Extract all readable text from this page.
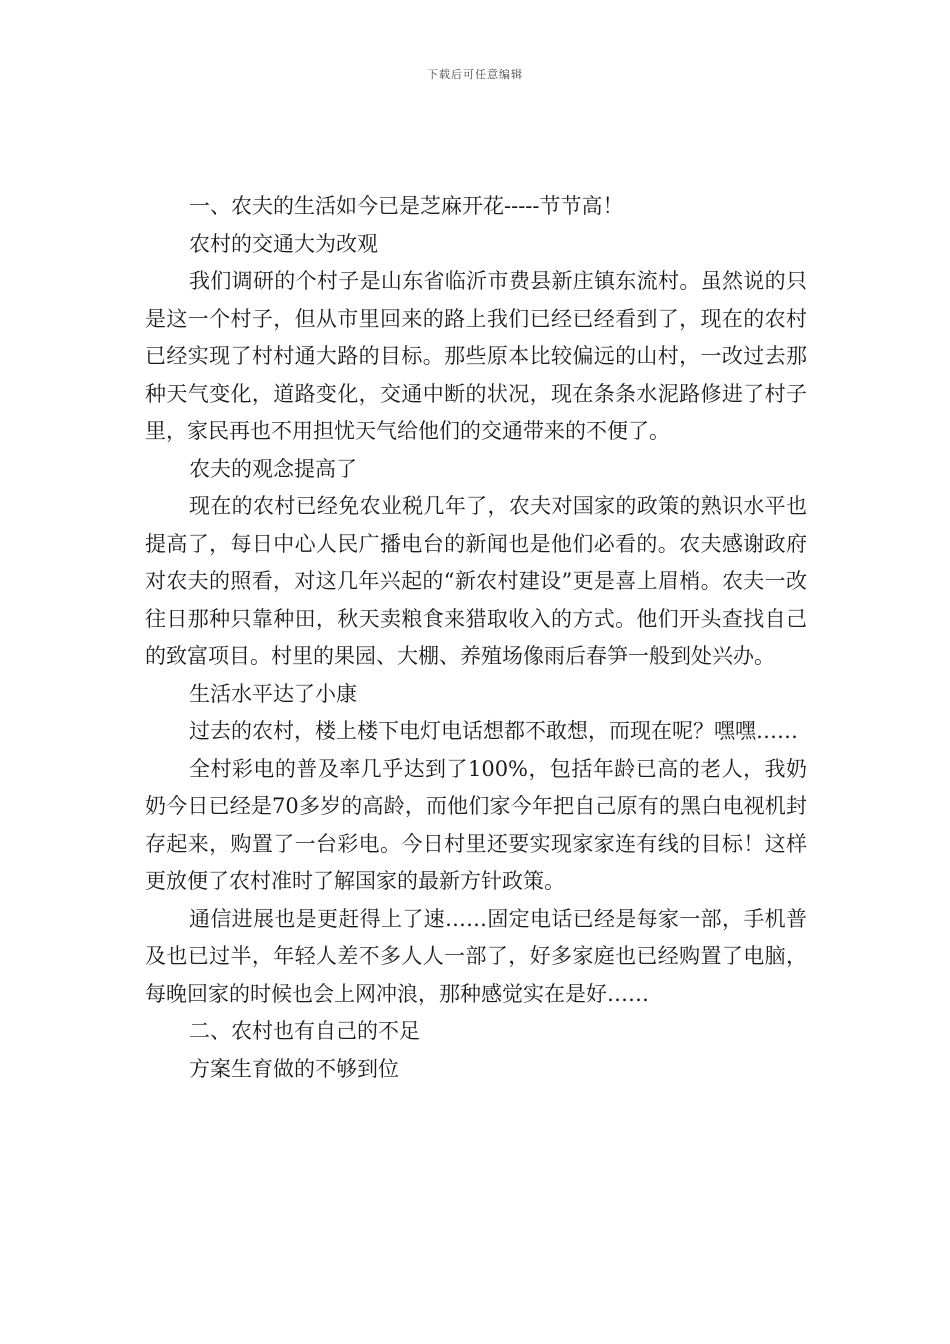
下载后可任意编辑

一、农夫的生活如今已是芝麻开花-----节节高！

农村的交通大为改观

我们调研的个村子是山东省临沂市费县新庄镇东流村。虽然说的只是这一个村子，但从市里回来的路上我们已经已经看到了，现在的农村已经实现了村村通大路的目标。那些原本比较偏远的山村，一改过去那种天气变化，道路变化，交通中断的状况，现在条条水泥路修进了村子里，家民再也不用担忧天气给他们的交通带来的不便了。

农夫的观念提高了

现在的农村已经免农业税几年了，农夫对国家的政策的熟识水平也提高了，每日中心人民广播电台的新闻也是他们必看的。农夫感谢政府对农夫的照看，对这几年兴起的“新农村建设”更是喜上眉梢。农夫一改往日那种只靠种田，秋天卖粮食来猎取收入的方式。他们开头查找自己的致富项目。村里的果园、大棚、养殖场像雨后春笋一般到处兴办。

生活水平达了小康

过去的农村，楼上楼下电灯电话想都不敢想，而现在呢？嘿嘿……

全村彩电的普及率几乎达到了100%，包括年龄已高的老人，我奶奶今日已经是70多岁的高龄，而他们家今年把自己原有的黑白电视机封存起来，购置了一台彩电。今日村里还要实现家家连有线的目标！这样更放便了农村准时了解国家的最新方针政策。

通信进展也是更赶得上了速……固定电话已经是每家一部，手机普及也已过半，年轻人差不多人人一部了，好多家庭也已经购置了电脑，每晚回家的时候也会上网冲浪，那种感觉实在是好……

二、农村也有自己的不足

方案生育做的不够到位
